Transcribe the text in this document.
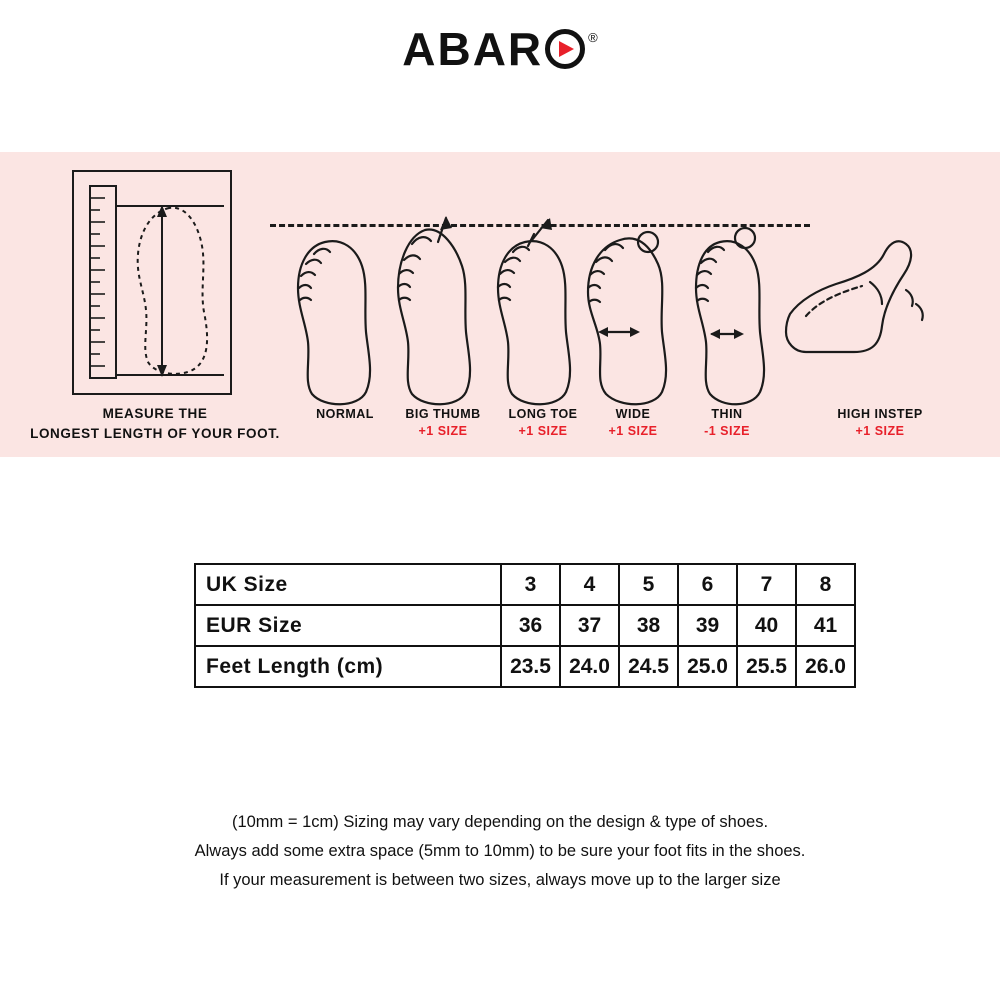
ABAR	®
MEASURE THE
LONGEST LENGTH OF YOUR FOOT.
NORMAL	BIG THUMB
+1 SIZE
LONG TOE
+1 SIZE
WIDE
+1 SIZE
THIN
-1 SIZE
HIGH INSTEP
+1 SIZE
UK Size	3	4	5	6	7	8
EUR Size	36	37	38	39	40	41
Feet Length (cm)	23.5	24.0	24.5	25.0	25.5	26.0
(10mm = 1cm) Sizing may vary depending on the design & type of shoes.
Always add some extra space (5mm to 10mm) to be sure your foot fits in the shoes.
If your measurement is between two sizes, always move up to the larger size
